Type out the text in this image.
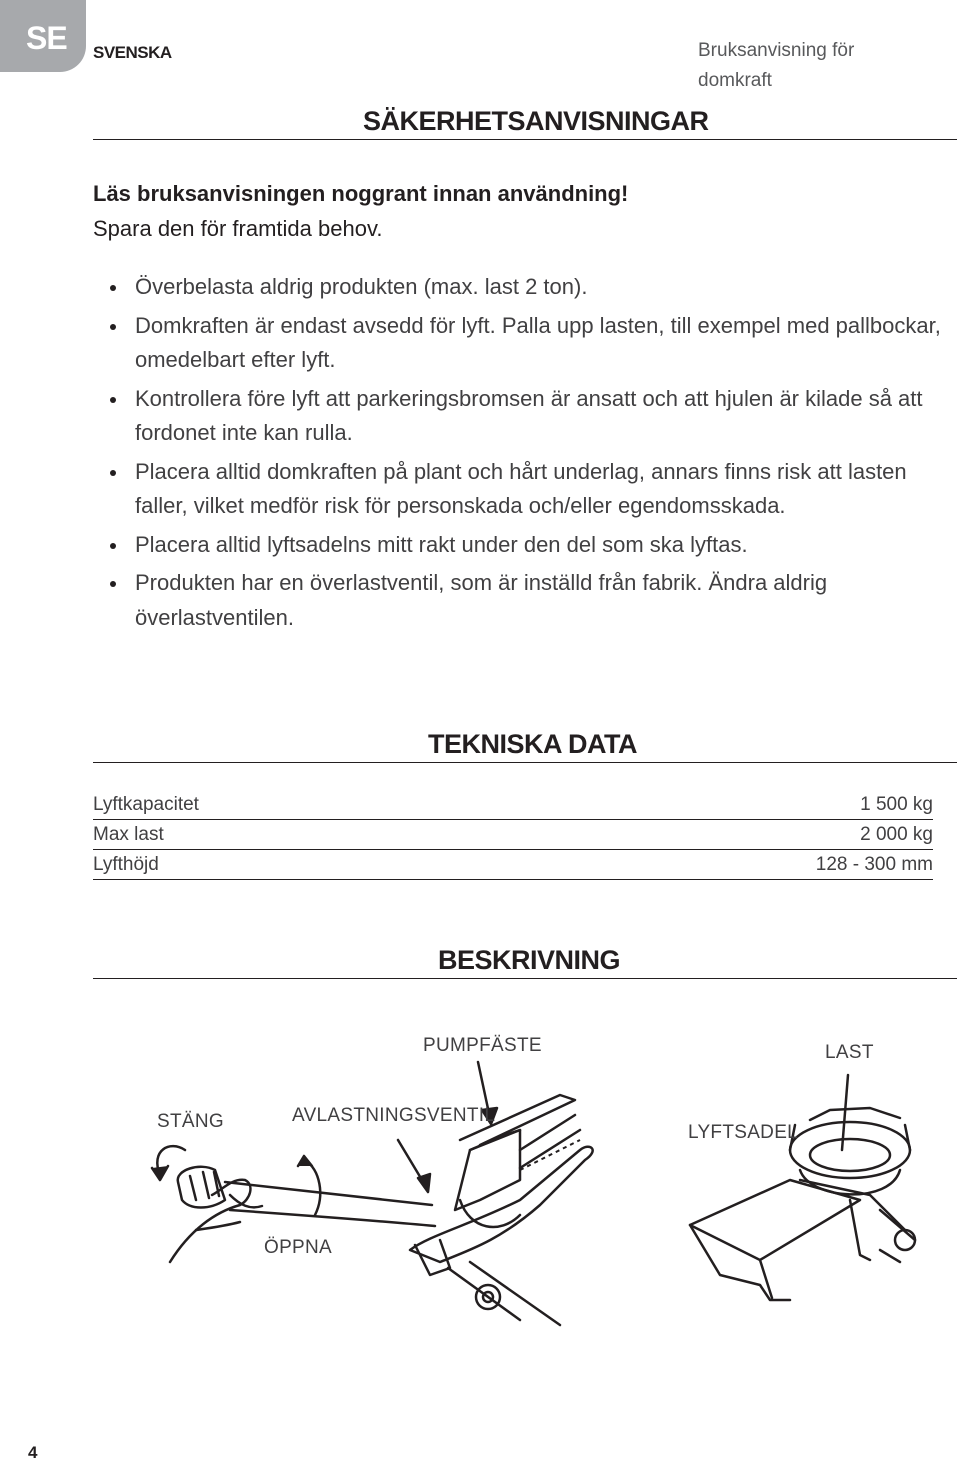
SE SVENSKA	Bruksanvisning för domkraft
SÄKERHETSANVISNINGAR
Läs bruksanvisningen noggrant innan användning!
Spara den för framtida behov.
Överbelasta aldrig produkten (max. last 2 ton).
Domkraften är endast avsedd för lyft. Palla upp lasten, till exempel med pallbockar, omedelbart efter lyft.
Kontrollera före lyft att parkeringsbromsen är ansatt och att hjulen är kilade så att fordonet inte kan rulla.
Placera alltid domkraften på plant och hårt underlag, annars finns risk att lasten faller, vilket medför risk för personskada och/eller egendomsskada.
Placera alltid lyftsadelns mitt rakt under den del som ska lyftas.
Produkten har en överlastventil, som är inställd från fabrik. Ändra aldrig överlastventilen.
TEKNISKA DATA
Lyftkapacitet	1 500 kg
Max last	2 000 kg
Lyfthöjd	128 - 300 mm
BESKRIVNING
PUMPFÄSTE	LAST
STÄNG	AVLASTNINGSVENTIL
LYFTSADEL
ÖPPNA
4
